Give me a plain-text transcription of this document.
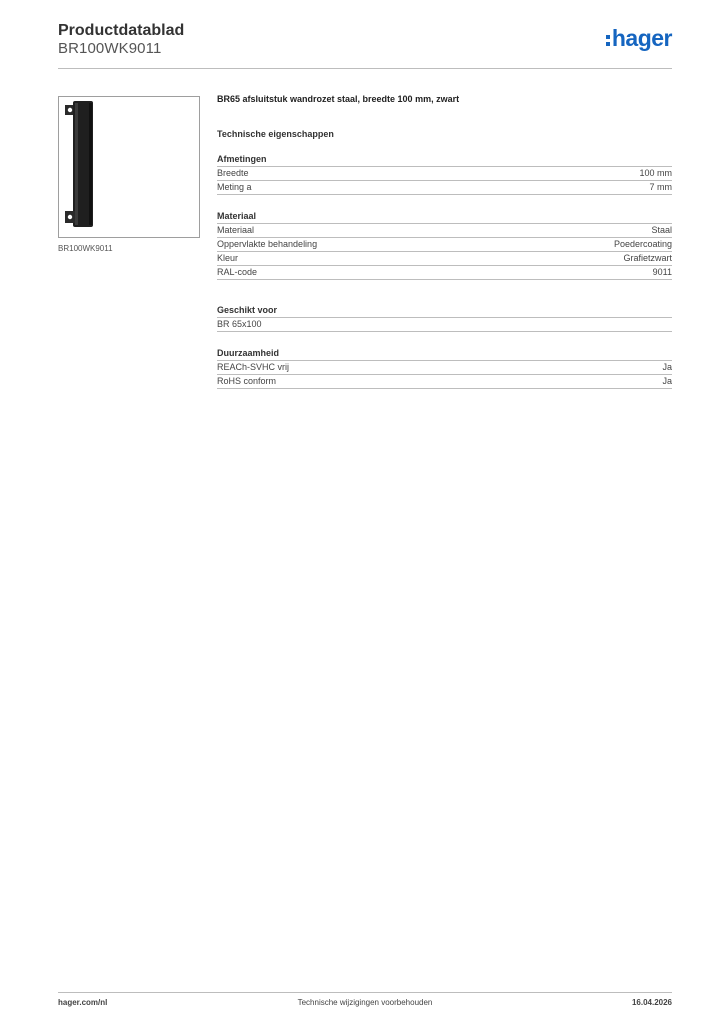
Productdatablad
BR100WK9011	hager
BR100WK9011
BR65 afsluitstuk wandrozet staal, breedte 100 mm, zwart
Technische eigenschappen
Afmetingen
Breedte	100 mm
Meting a	7 mm
Materiaal
Materiaal	Staal
Oppervlakte behandeling	Poedercoating
Kleur	Grafietzwart
RAL-code	9011
Geschikt voor
BR 65x100
Duurzaamheid
REACh-SVHC vrij	Ja
RoHS conform	Ja
hager.com/nl	Technische wijzigingen voorbehouden	16.04.2026
